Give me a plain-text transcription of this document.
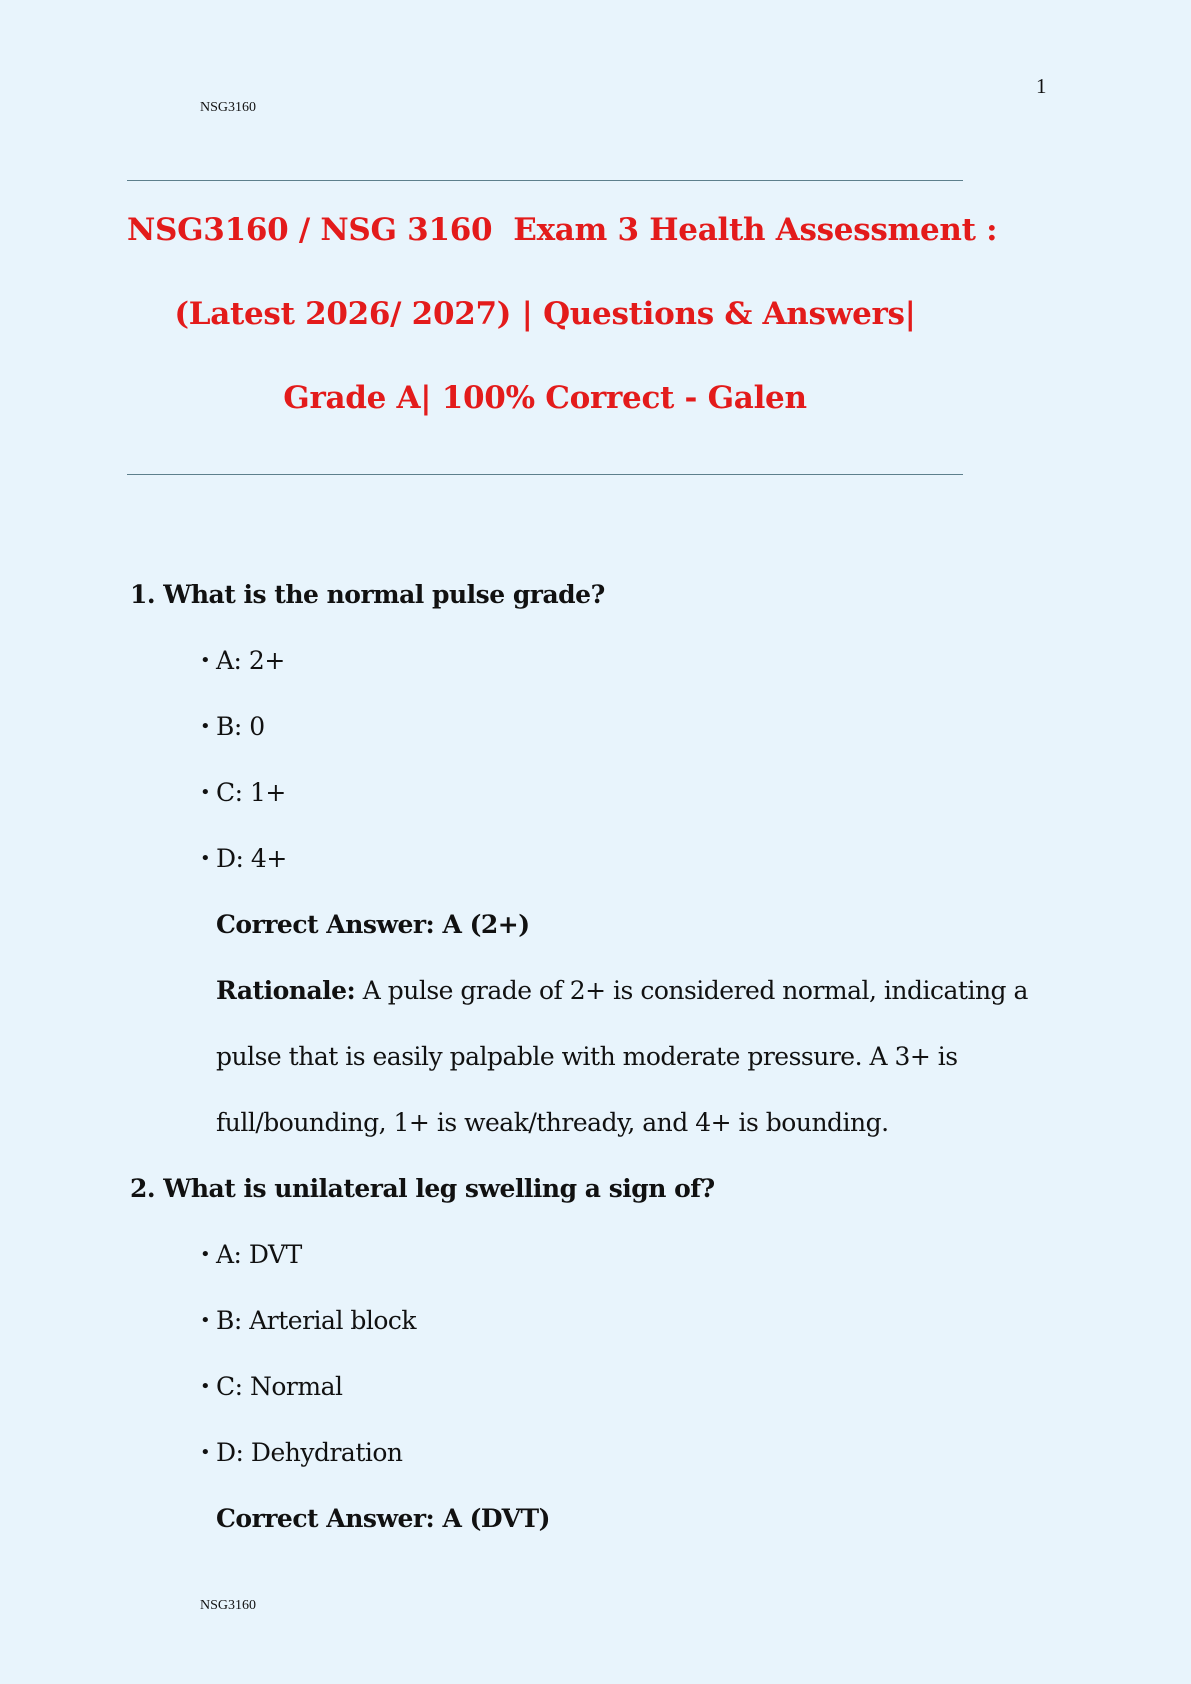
1
NSG3160
NSG3160 / NSG 3160  Exam 3 Health Assessment :
(Latest 2026/ 2027) | Questions & Answers|
Grade A| 100% Correct - Galen

1. What is the normal pulse grade?

• A: 2+
• B: 0
• C: 1+
• D: 4+
Correct Answer: A (2+)
Rationale: A pulse grade of 2+ is considered normal, indicating a
pulse that is easily palpable with moderate pressure. A 3+ is
full/bounding, 1+ is weak/thready, and 4+ is bounding.

2. What is unilateral leg swelling a sign of?

• A: DVT
• B: Arterial block
• C: Normal
• D: Dehydration
Correct Answer: A (DVT)
NSG3160
